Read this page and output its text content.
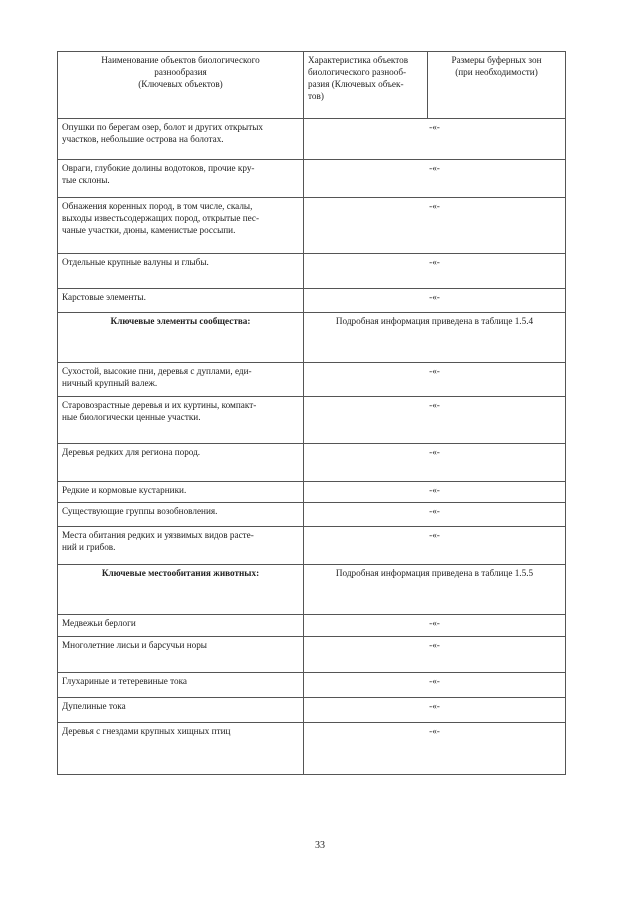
Наименование объектов биологического
разнообразия
(Ключевых объектов)	Характеристика объектов
биологического разнооб-
разия (Ключевых объек-
тов)	Размеры буферных зон
(при необходимости)
Опушки по берегам озер, болот и других открытых
участков, небольшие острова на болотах.	-«-	
Овраги, глубокие долины водотоков, прочие кру-
тые склоны.	-«-	
Обнажения коренных пород, в том числе, скалы,
выходы известьсодержащих пород, открытые пес-
чаные участки, дюны, каменистые россыпи.	-«-	
Отдельные крупные валуны и глыбы.	-«-	
Карстовые элементы.	-«-	
Ключевые элементы сообщества:	Подробная информация приведена в таблице 1.5.4	
Сухостой, высокие пни, деревья с дуплами, еди-
ничный крупный валеж.	-«-	
Старовозрастные деревья и их куртины, компакт-
ные биологически ценные участки.	-«-	
Деревья редких для региона пород.	-«-	
Редкие и кормовые кустарники.	-«-	
Существующие группы возобновления.	-«-	
Места обитания редких и уязвимых видов расте-
ний и грибов.	-«-	
Ключевые местообитания животных:	Подробная информация приведена в таблице 1.5.5	
Медвежьи берлоги	-«-	
Многолетние лисьи и барсучьи норы	-«-	
Глухариные и тетеревиные тока	-«-	
Дупелиные тока	-«-	
Деревья с гнездами крупных хищных птиц	-«-	
33
